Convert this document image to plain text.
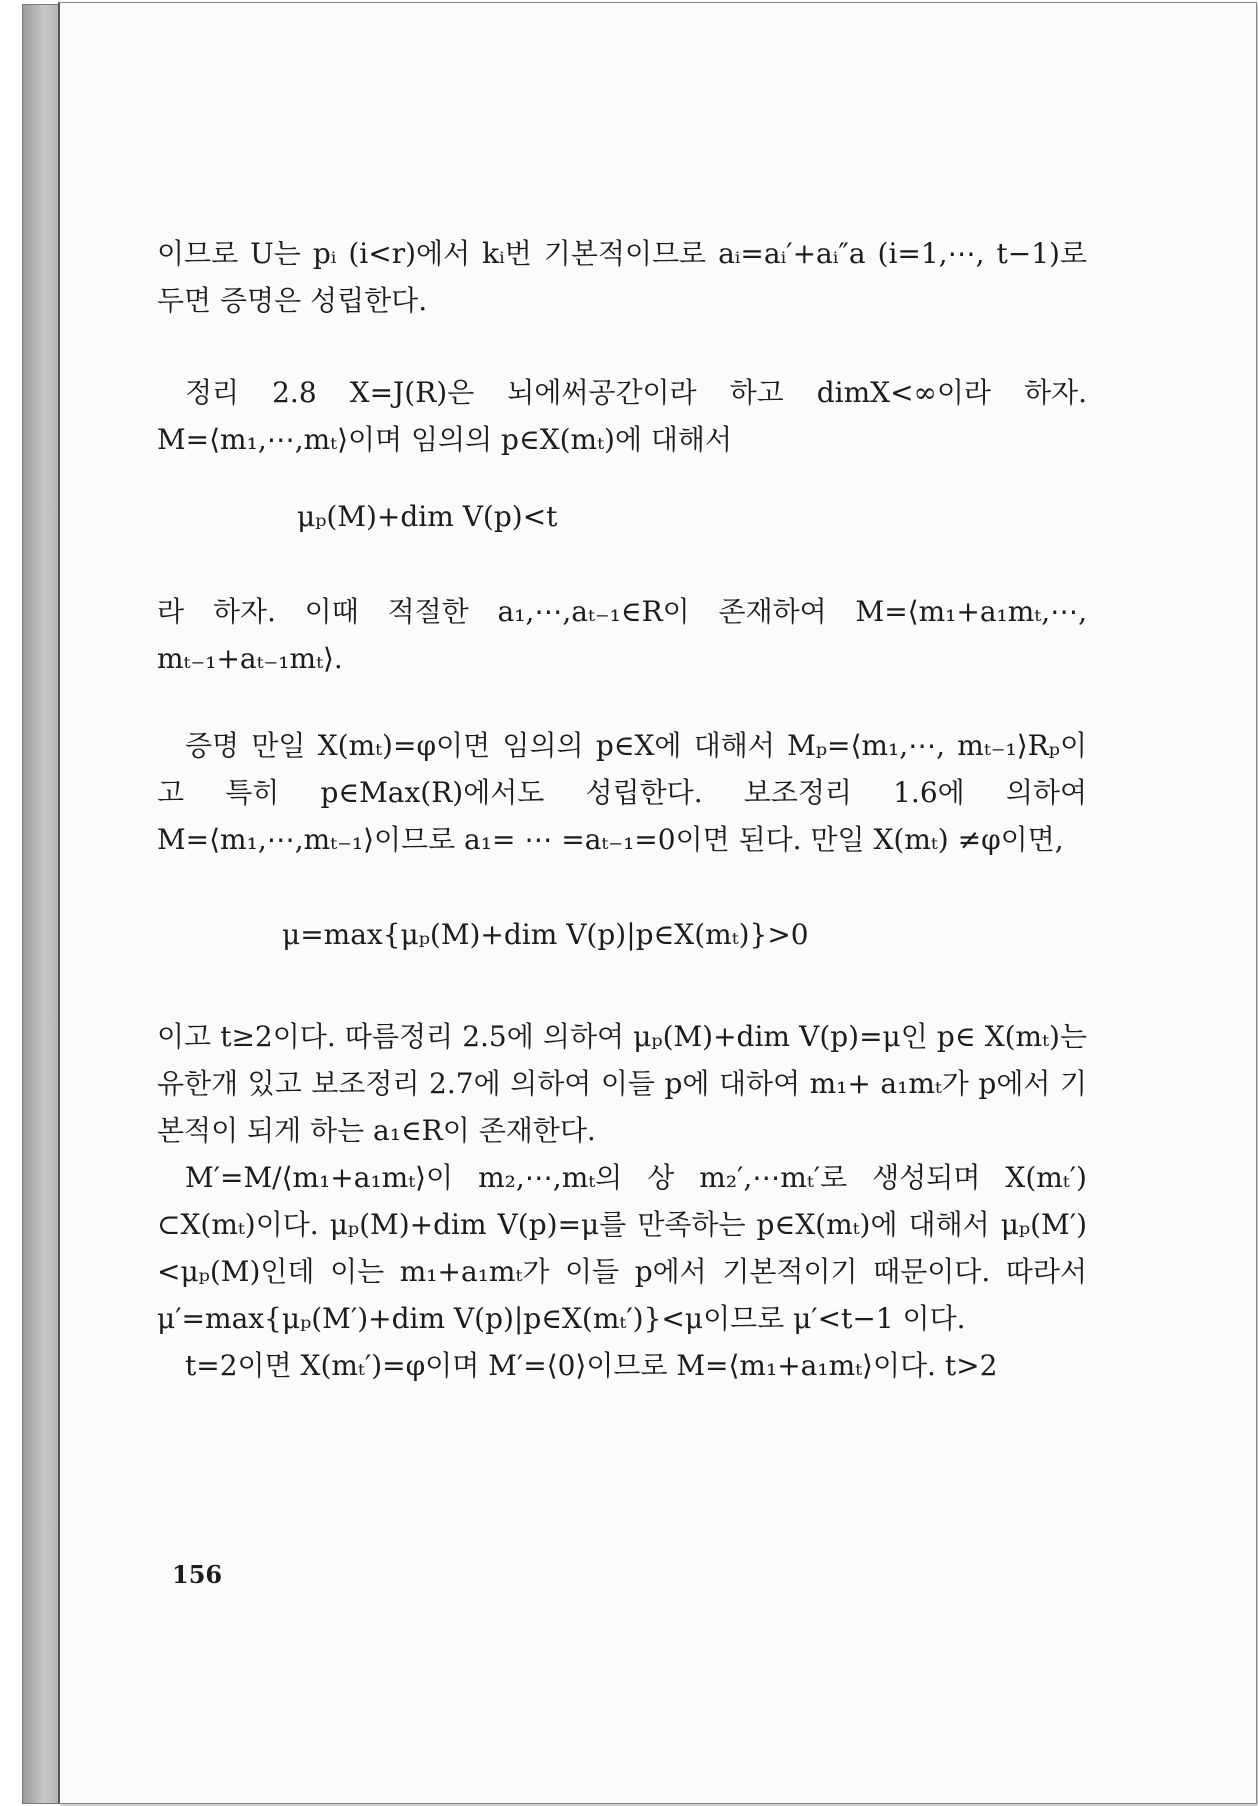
이므로 U는 pᵢ (i<r)에서 kᵢ번 기본적이므로 aᵢ=aᵢ′+aᵢ″a (i=1,⋯, t−1)로 두면 증명은 성립한다.

정리 2.8 X=J(R)은 뇌에써공간이라 하고 dimX<∞이라 하자. M=⟨m₁,⋯,mₜ⟩이며 임의의 p∈X(mₜ)에 대해서

μₚ(M)+dim V(p)<t

라 하자. 이때 적절한 a₁,⋯,aₜ₋₁∈R이 존재하여 M=⟨m₁+a₁mₜ,⋯, mₜ₋₁+aₜ₋₁mₜ⟩.

증명 만일 X(mₜ)=φ이면 임의의 p∈X에 대해서 Mₚ=⟨m₁,⋯, mₜ₋₁⟩Rₚ이고 특히 p∈Max(R)에서도 성립한다. 보조정리 1.6에 의하여 M=⟨m₁,⋯,mₜ₋₁⟩이므로 a₁= ⋯ =aₜ₋₁=0이면 된다. 만일 X(mₜ) ≠φ이면,

μ=max{μₚ(M)+dim V(p)|p∈X(mₜ)}>0

이고 t≥2이다. 따름정리 2.5에 의하여 μₚ(M)+dim V(p)=μ인 p∈ X(mₜ)는 유한개 있고 보조정리 2.7에 의하여 이들 p에 대하여 m₁+ a₁mₜ가 p에서 기본적이 되게 하는 a₁∈R이 존재한다.

M′=M/⟨m₁+a₁mₜ⟩이 m₂,⋯,mₜ의 상 m₂′,⋯mₜ′로 생성되며 X(mₜ′) ⊂X(mₜ)이다. μₚ(M)+dim V(p)=μ를 만족하는 p∈X(mₜ)에 대해서 μₚ(M′)<μₚ(M)인데 이는 m₁+a₁mₜ가 이들 p에서 기본적이기 때문이다. 따라서 μ′=max{μₚ(M′)+dim V(p)|p∈X(mₜ′)}<μ이므로 μ′<t−1 이다.

t=2이면 X(mₜ′)=φ이며 M′=⟨0⟩이므로 M=⟨m₁+a₁mₜ⟩이다. t>2

156
